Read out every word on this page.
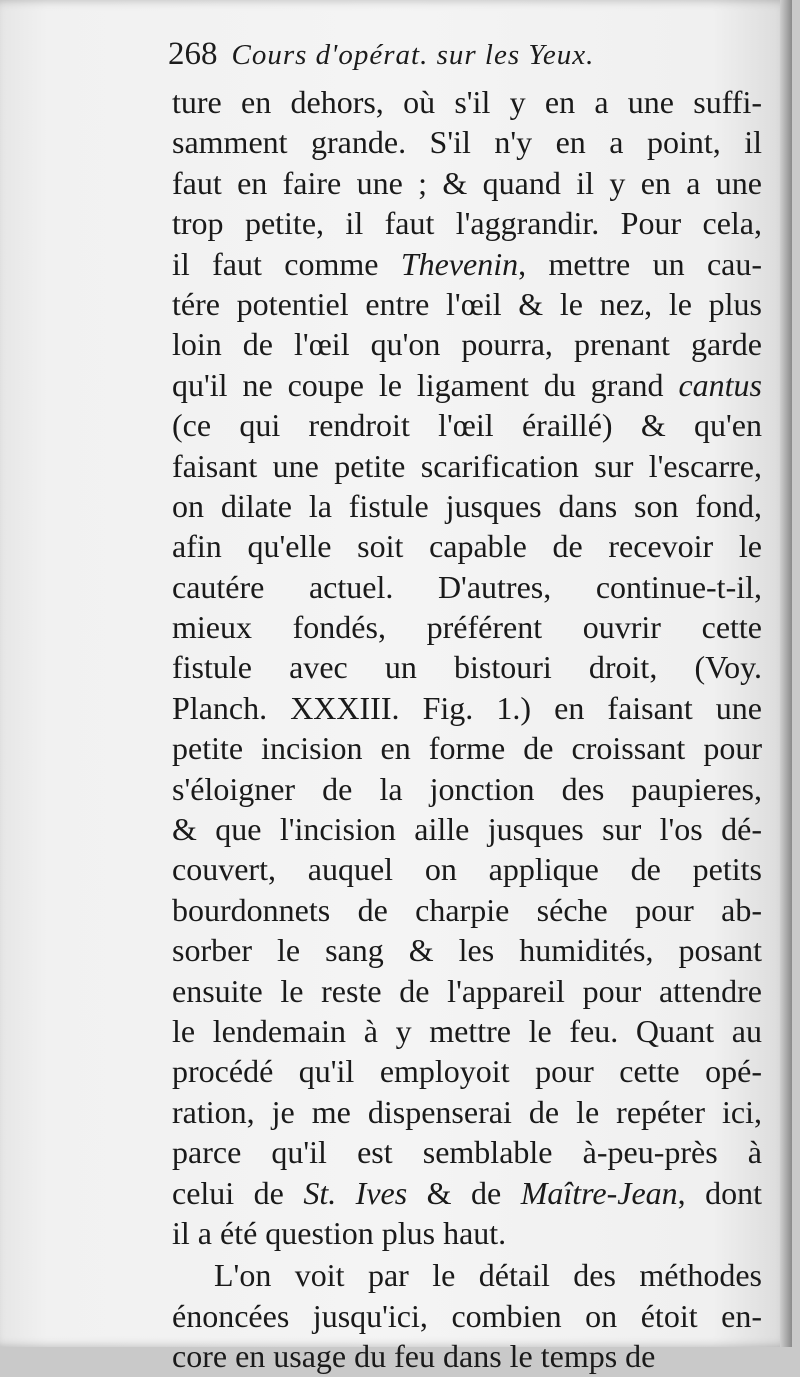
268 Cours d'opérat. sur les Yeux.
ture en dehors, où s'il y en a une suffi-
samment grande. S'il n'y en a point, il
faut en faire une ; & quand il y en a une
trop petite, il faut l'aggrandir. Pour cela,
il faut comme Thevenin, mettre un cau-
tére potentiel entre l'œil & le nez, le plus
loin de l'œil qu'on pourra, prenant garde
qu'il ne coupe le ligament du grand cantus
(ce qui rendroit l'œil éraillé) & qu'en
faisant une petite scarification sur l'escarre,
on dilate la fistule jusques dans son fond,
afin qu'elle soit capable de recevoir le
cautére actuel. D'autres, continue-t-il,
mieux fondés, préférent ouvrir cette
fistule avec un bistouri droit, (Voy.
Planch. XXXIII. Fig. 1.) en faisant une
petite incision en forme de croissant pour
s'éloigner de la jonction des paupieres,
& que l'incision aille jusques sur l'os dé-
couvert, auquel on applique de petits
bourdonnets de charpie séche pour ab-
sorber le sang & les humidités, posant
ensuite le reste de l'appareil pour attendre
le lendemain à y mettre le feu. Quant au
procédé qu'il employoit pour cette opé-
ration, je me dispenserai de le repéter ici,
parce qu'il est semblable à-peu-près à
celui de St. Ives & de Maître-Jean, dont
il a été question plus haut.
L'on voit par le détail des méthodes
énoncées jusqu'ici, combien on étoit en-
core en usage du feu dans le temps de
